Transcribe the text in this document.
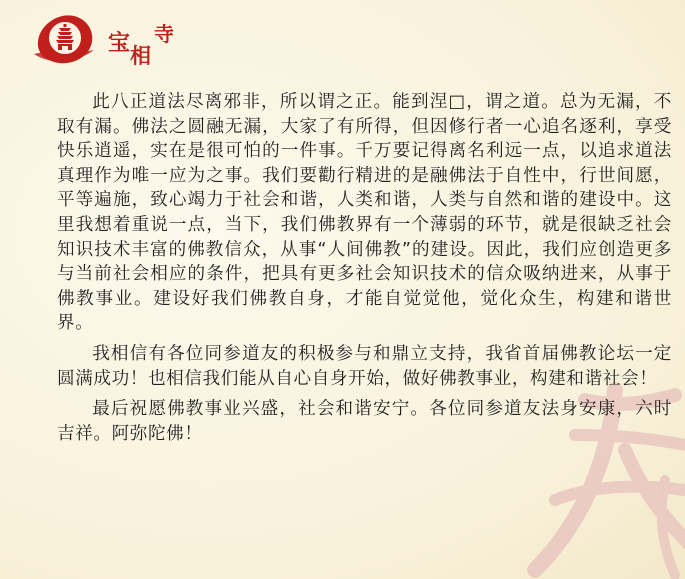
宝 相
寺

此八正道法尽离邪非，所以谓之正。能到涅□，谓之道。总为无漏，不取有漏。佛法之圆融无漏，大家了有所得，但因修行者一心追名逐利，享受快乐逍遥，实在是很可怕的一件事。千万要记得离名利远一点，以追求道法真理作为唯一应为之事。我们要勸行精进的是融佛法于自性中，行世间愿，平等遍施，致心竭力于社会和谐，人类和谐，人类与自然和谐的建设中。这里我想着重说一点，当下，我们佛教界有一个薄弱的环节，就是很缺乏社会知识技术丰富的佛教信众，从事“人间佛教”的建设。因此，我们应创造更多与当前社会相应的条件，把具有更多社会知识技术的信众吸纳进来，从事于佛教事业。建设好我们佛教自身，才能自觉觉他，觉化众生，构建和谐世界。

我相信有各位同参道友的积极参与和鼎立支持，我省首届佛教论坛一定圆满成功！也相信我们能从自心自身开始，做好佛教事业，构建和谐社会！

最后祝愿佛教事业兴盛，社会和谐安宁。各位同参道友法身安康，六时吉祥。阿弥陀佛！
